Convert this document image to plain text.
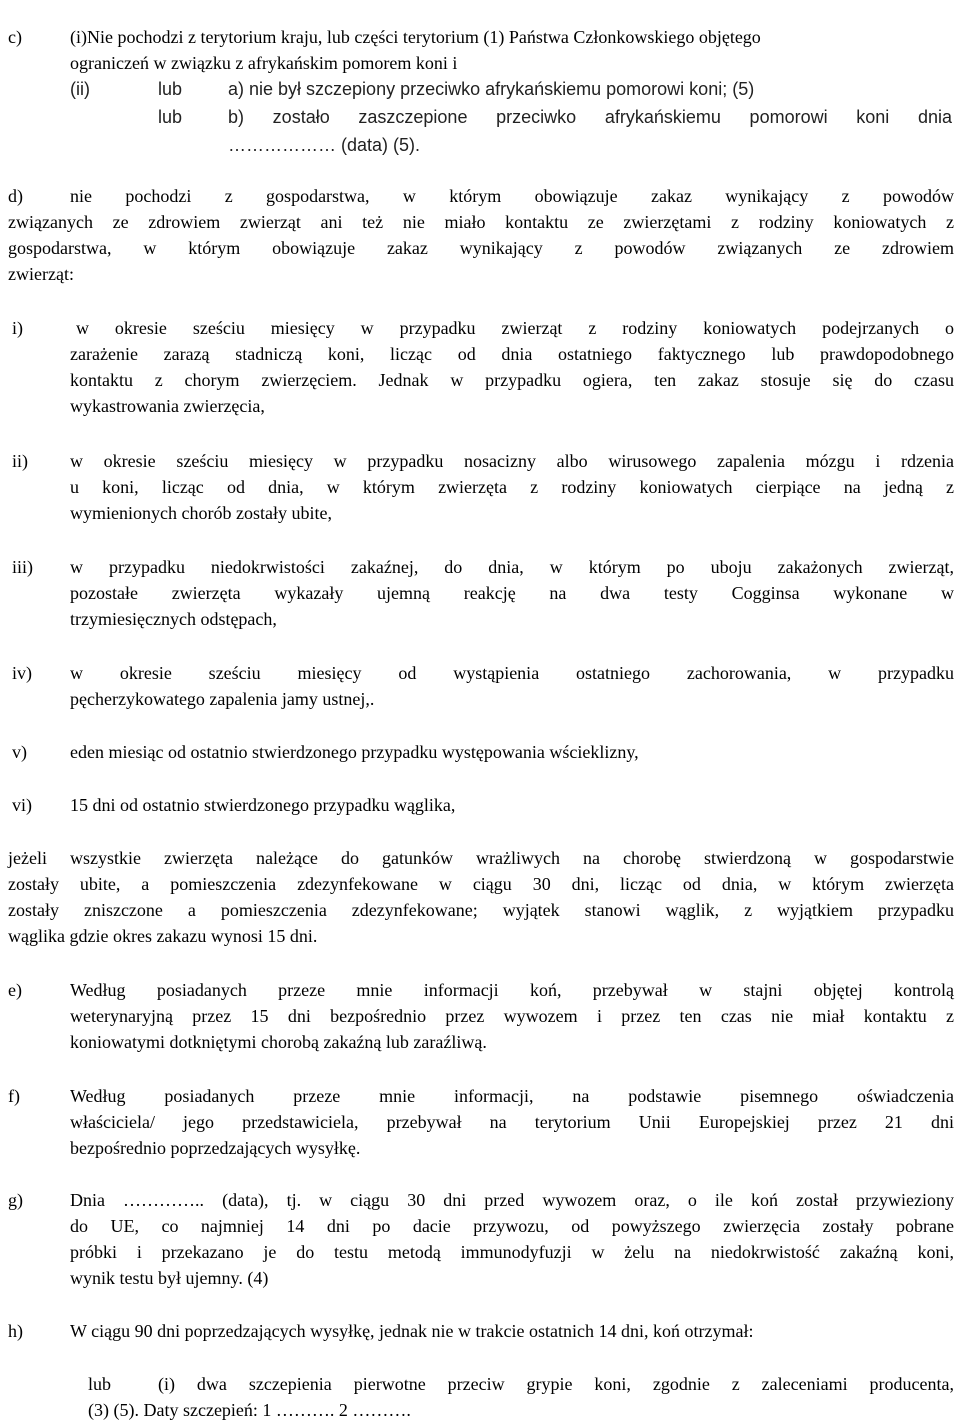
c)	(i)Nie pochodzi z terytorium kraju, lub części terytorium (1) Państwa Członkowskiego objętego
ograniczeń w związku z afrykańskim pomorem koni i
(ii)	lub	a) nie był szczepiony przeciwko afrykańskiemu pomorowi koni; (5)
lub	b) zostało zaszczepione przeciwko afrykańskiemu pomorowi koni dnia
……………… (data) (5).
d)	nie pochodzi z gospodarstwa, w którym obowiązuje zakaz wynikający z powodów
związanych ze zdrowiem zwierząt ani też nie miało kontaktu ze zwierzętami z rodziny koniowatych z
gospodarstwa, w którym obowiązuje zakaz wynikający z powodów związanych ze zdrowiem
zwierząt:
i)	w okresie sześciu miesięcy w przypadku zwierząt z rodziny koniowatych podejrzanych o
zarażenie zarazą stadniczą koni, licząc od dnia ostatniego faktycznego lub prawdopodobnego
kontaktu z chorym zwierzęciem. Jednak w przypadku ogiera, ten zakaz stosuje się do czasu
wykastrowania zwierzęcia,
ii) w okresie sześciu miesięcy w przypadku nosacizny albo wirusowego zapalenia mózgu i rdzenia
u koni, licząc od dnia, w którym zwierzęta z rodziny koniowatych cierpiące na jedną z
wymienionych chorób zostały ubite,
iii) w przypadku niedokrwistości zakaźnej, do dnia, w którym po uboju zakażonych zwierząt,
pozostałe zwierzęta wykazały ujemną reakcję na dwa testy Cogginsa wykonane w
trzymiesięcznych odstępach,
iv) w okresie sześciu miesięcy od wystąpienia ostatniego zachorowania, w przypadku
pęcherzykowatego zapalenia jamy ustnej,.
v) eden miesiąc od ostatnio stwierdzonego przypadku występowania wścieklizny,
vi) 15 dni od ostatnio stwierdzonego przypadku wąglika,
jeżeli wszystkie zwierzęta należące do gatunków wrażliwych na chorobę stwierdzoną w gospodarstwie
zostały ubite, a pomieszczenia zdezynfekowane w ciągu 30 dni, licząc od dnia, w którym zwierzęta
zostały zniszczone a pomieszczenia zdezynfekowane; wyjątek stanowi wąglik, z wyjątkiem przypadku
wąglika gdzie okres zakazu wynosi 15 dni.
e)	Według posiadanych przeze mnie informacji koń, przebywał w stajni objętej kontrolą
weterynaryjną przez 15 dni bezpośrednio przez wywozem i przez ten czas nie miał kontaktu z
koniowatymi dotkniętymi chorobą zakaźną lub zaraźliwą.
f)	Według posiadanych przeze mnie informacji, na podstawie pisemnego oświadczenia
właściciela/ jego przedstawiciela, przebywał na terytorium Unii Europejskiej przez 21 dni
bezpośrednio poprzedzających wysyłkę.
g)	Dnia ………….. (data), tj. w ciągu 30 dni przed wywozem oraz, o ile koń został przywieziony
do UE, co najmniej 14 dni po dacie przywozu, od powyższego zwierzęcia zostały pobrane
próbki i przekazano je do testu metodą immunodyfuzji w żelu na niedokrwistość zakaźną koni,
wynik testu był ujemny. (4)
h)	W ciągu 90 dni poprzedzających wysyłkę, jednak nie w trakcie ostatnich 14 dni, koń otrzymał:
lub	(i) dwa szczepienia pierwotne przeciw grypie koni, zgodnie z zaleceniami producenta,
(3) (5). Daty szczepień: 1 ………. 2 ……….
